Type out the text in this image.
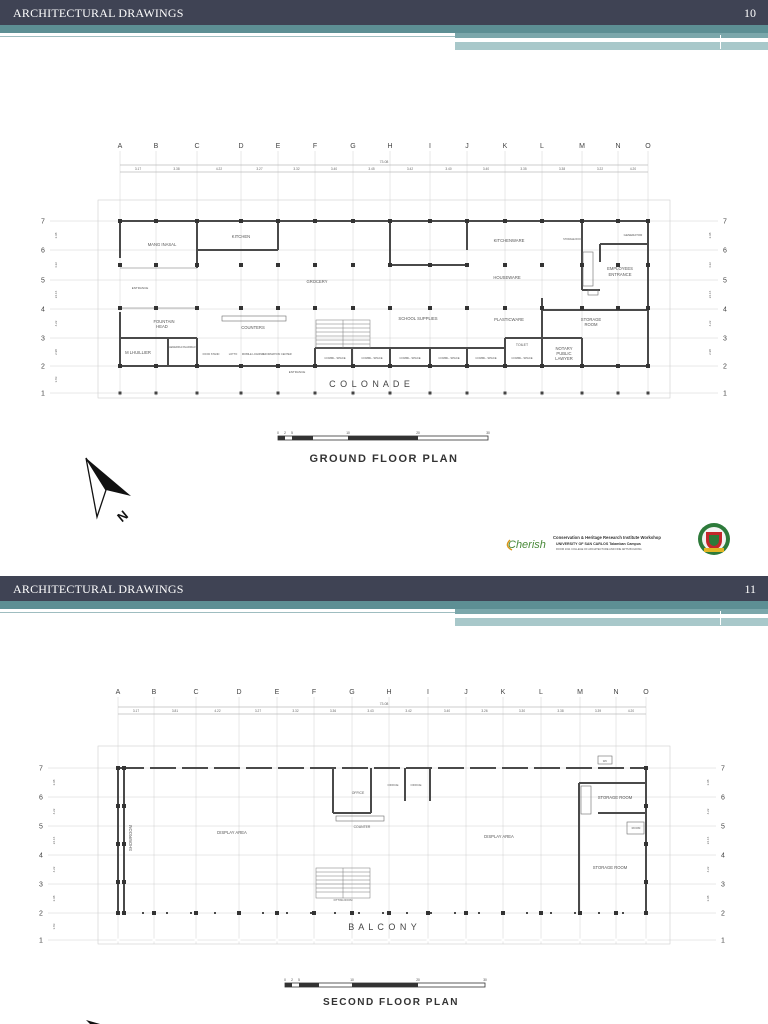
ARCHITECTURAL DRAWINGS	10
A	B	C	D	E	F	G	H	I	J	K	L	M	N	O
73.08
3.17	3.38	4.22	3.27	3.32	3.40	3.45	3.42	3.40	3.40	3.35	3.38	3.22	4.20
7	7
6	6
5	5
4	4
3	3
2	2
1	1
2.98
4.22
24.16
4.22
2.98
3.83
2.98
4.22
24.16
4.22
2.98
MANG INASAL
KITCHEN
ENTRANCE
FOUNTAIN
HEAD	COUNTERS
GROCERY
SCHOOL SUPPLIES
KITCHENWARE
HOUSEWARE
PLASTICWARE	STORAGE
ROOM
EMPLOYEES
ENTRANCE
GENERATOR
STORAGE ROOM
M LHUILLIER
GENERIKA PHARMACY
FOOD STAND	LOTTO MOBILE LOADING
INFORMATION CENTER
ENTRANCE
COMML. SPACE	COMML. SPACE	COMML. SPACE	COMML. SPACE	COMML. SPACE	COMML. SPACE
TOILET
NOTARY
PUBLIC
LAWYER
C O L O N A D E
0 2 5	10	20	30
GROUND FLOOR PLAN
N
Cherish
Conservation & Heritage Research Institute Workshop
UNIVERSITY OF SAN CARLOS Talamban Campus
ROOM 1011 COLLEGE OF ARCHITECTURE AND FINE ARTS BUILDING
ARCHITECTURAL DRAWINGS	11
A	B	C	D	E	F	G	H	I	J	K	L	M	N	O
73.08
3.17	3.81	4.22	3.27	3.32	3.36	3.43	3.42	3.40	3.26	3.30	3.38	3.39	4.20
7	7
6	6
5	5
4	4
3	3
2	2
1	1
2.98
4.22
24.16
4.22
2.98
3.83
2.98
4.22
24.16
4.22
2.98
SHOWROOM	DISPLAY AREA
OFFICE
OFFICE	OFFICE
COUNTER
DISPLAY AREA
STORAGE ROOM
STORAGE ROOM
ROOM
FITTING ROOM
WC
B A L C O N Y
0 2 5	10	20	30
SECOND FLOOR PLAN
